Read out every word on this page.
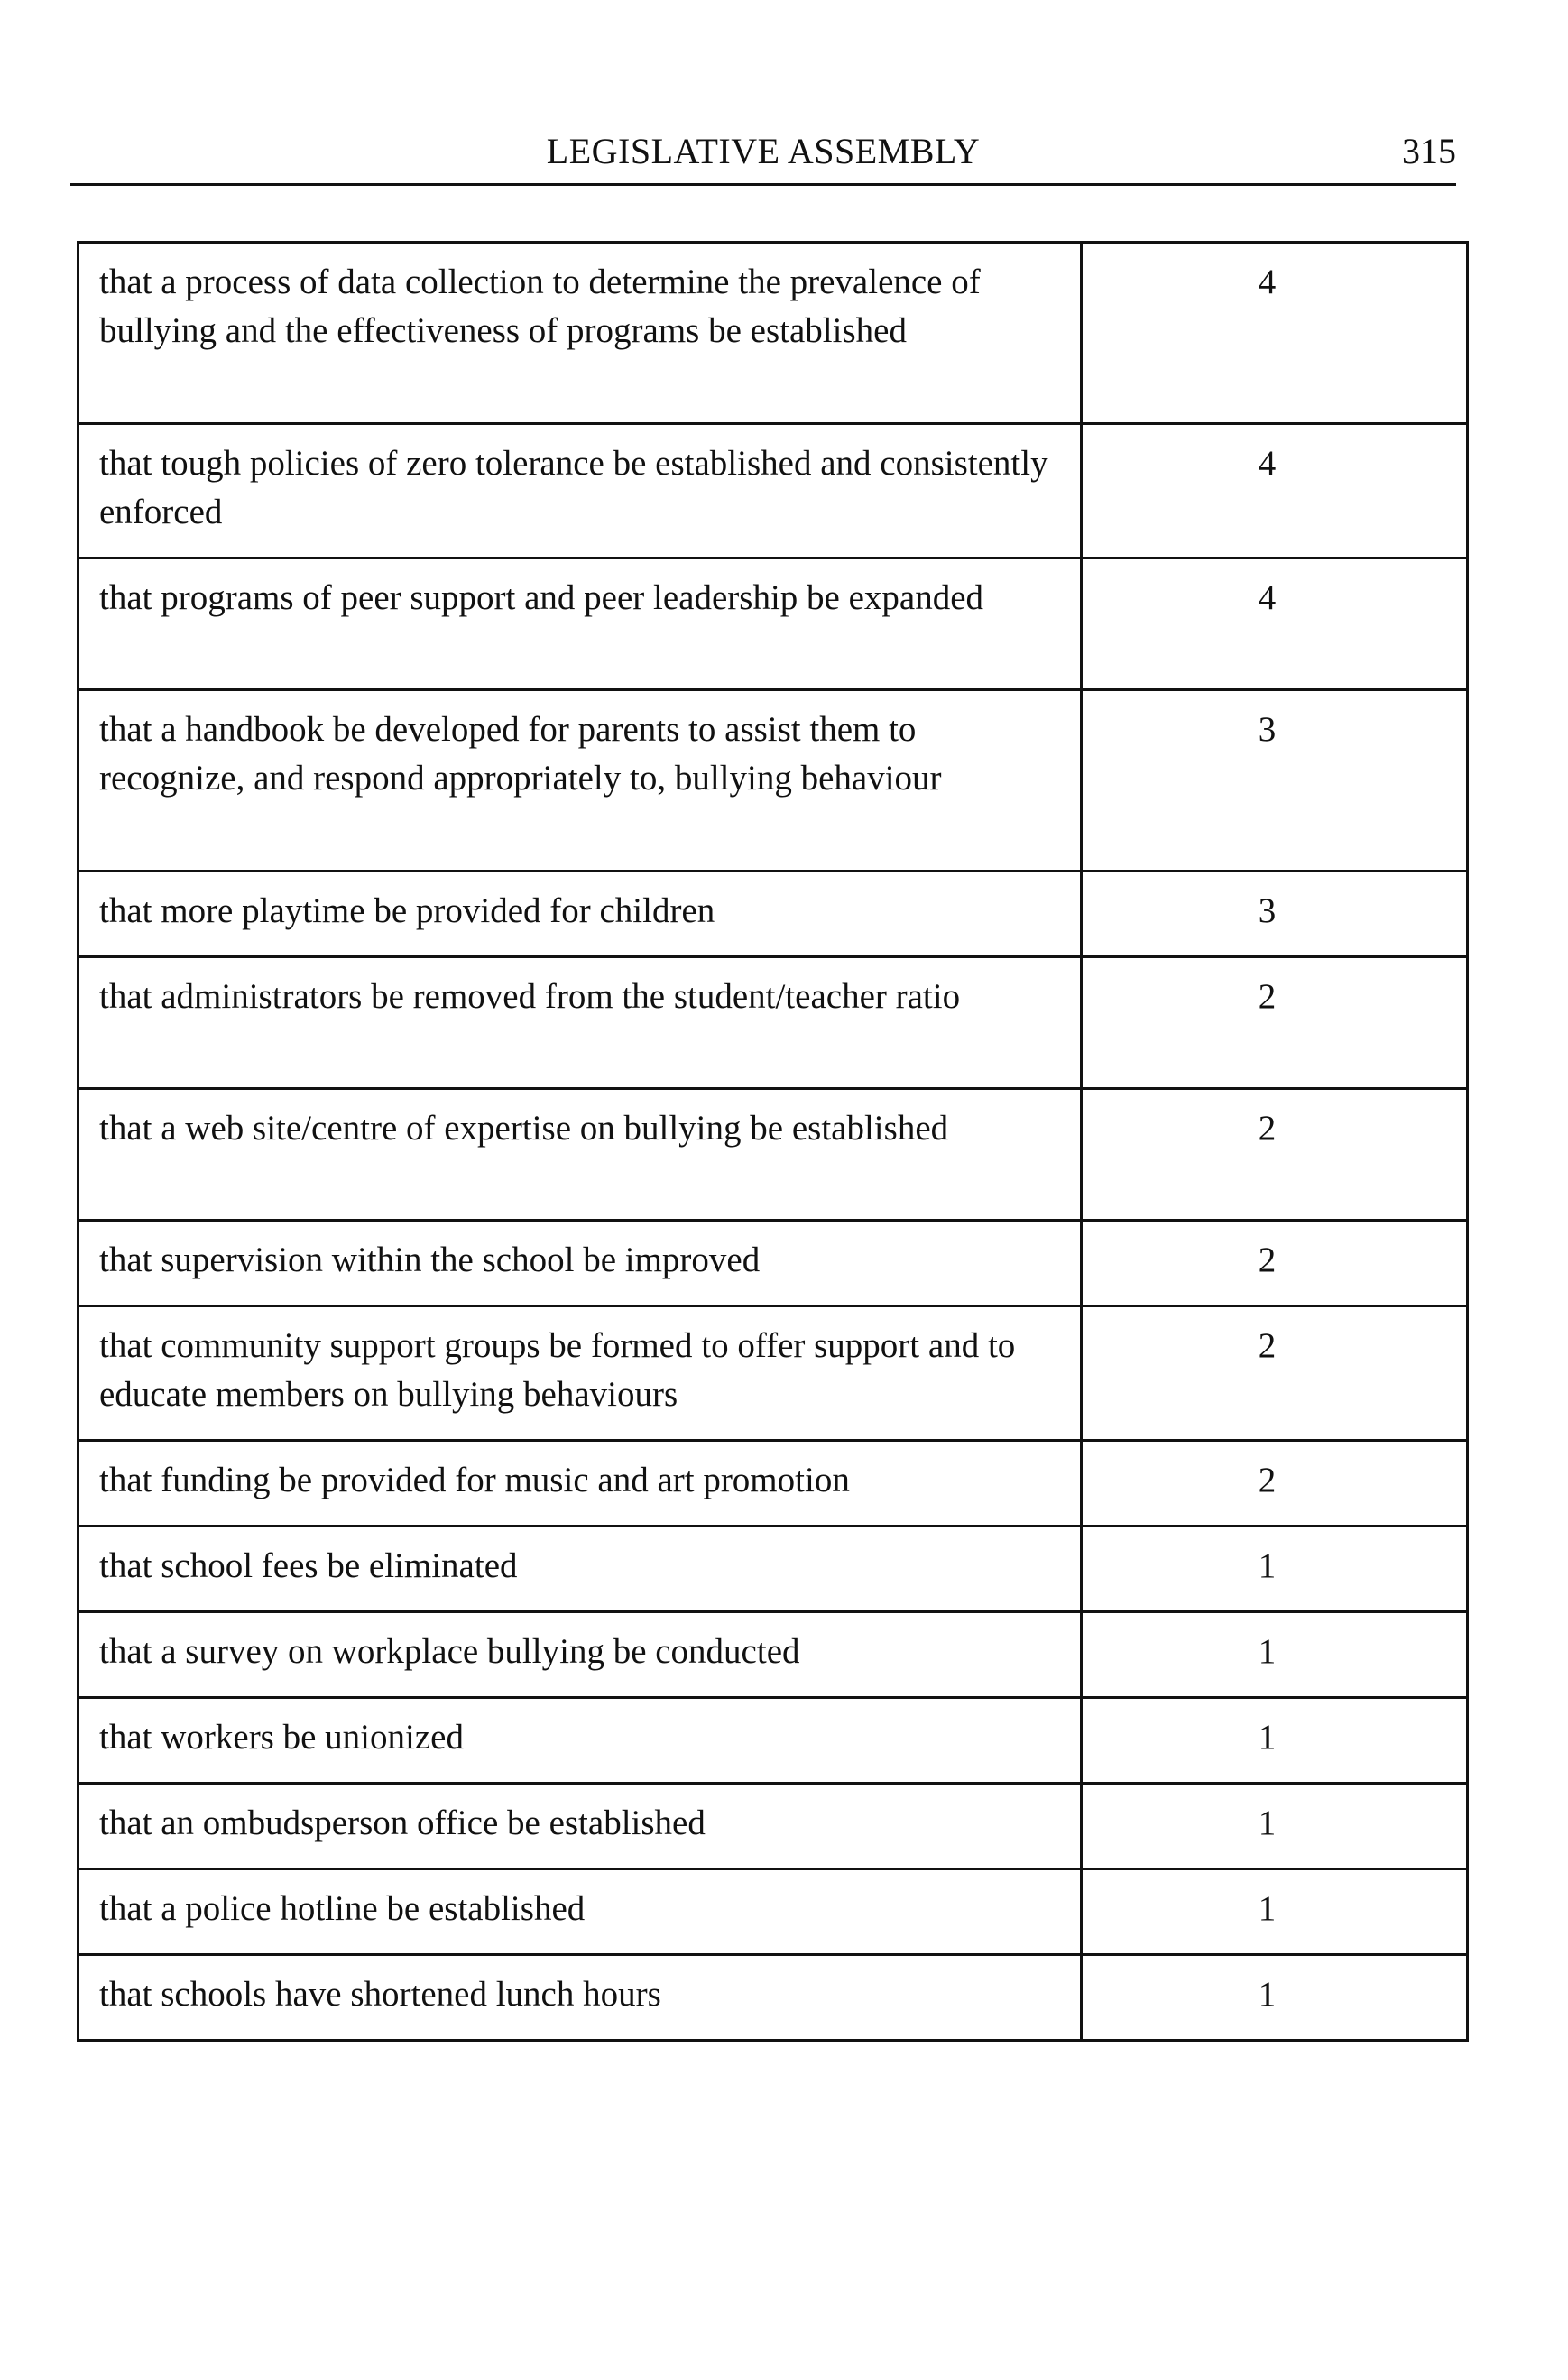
LEGISLATIVE ASSEMBLY	315
that a process of data collection to determine the prevalence of bullying and the effectiveness of programs be established	4
that tough policies of zero tolerance be established and consistently enforced	4
that programs of peer support and peer leadership be expanded	4
that a handbook be developed for parents to assist them to recognize, and respond appropriately to, bullying behaviour	3
that more playtime be provided for children	3
that administrators be removed from the student/teacher ratio	2
that a web site/centre of expertise on bullying be established	2
that supervision within the school be improved	2
that community support groups be formed to offer support and to educate members on bullying behaviours	2
that funding be provided for music and art promotion	2
that school fees be eliminated	1
that a survey on workplace bullying be conducted	1
that workers be unionized	1
that an ombudsperson office be established	1
that a police hotline be established	1
that schools have shortened lunch hours	1
